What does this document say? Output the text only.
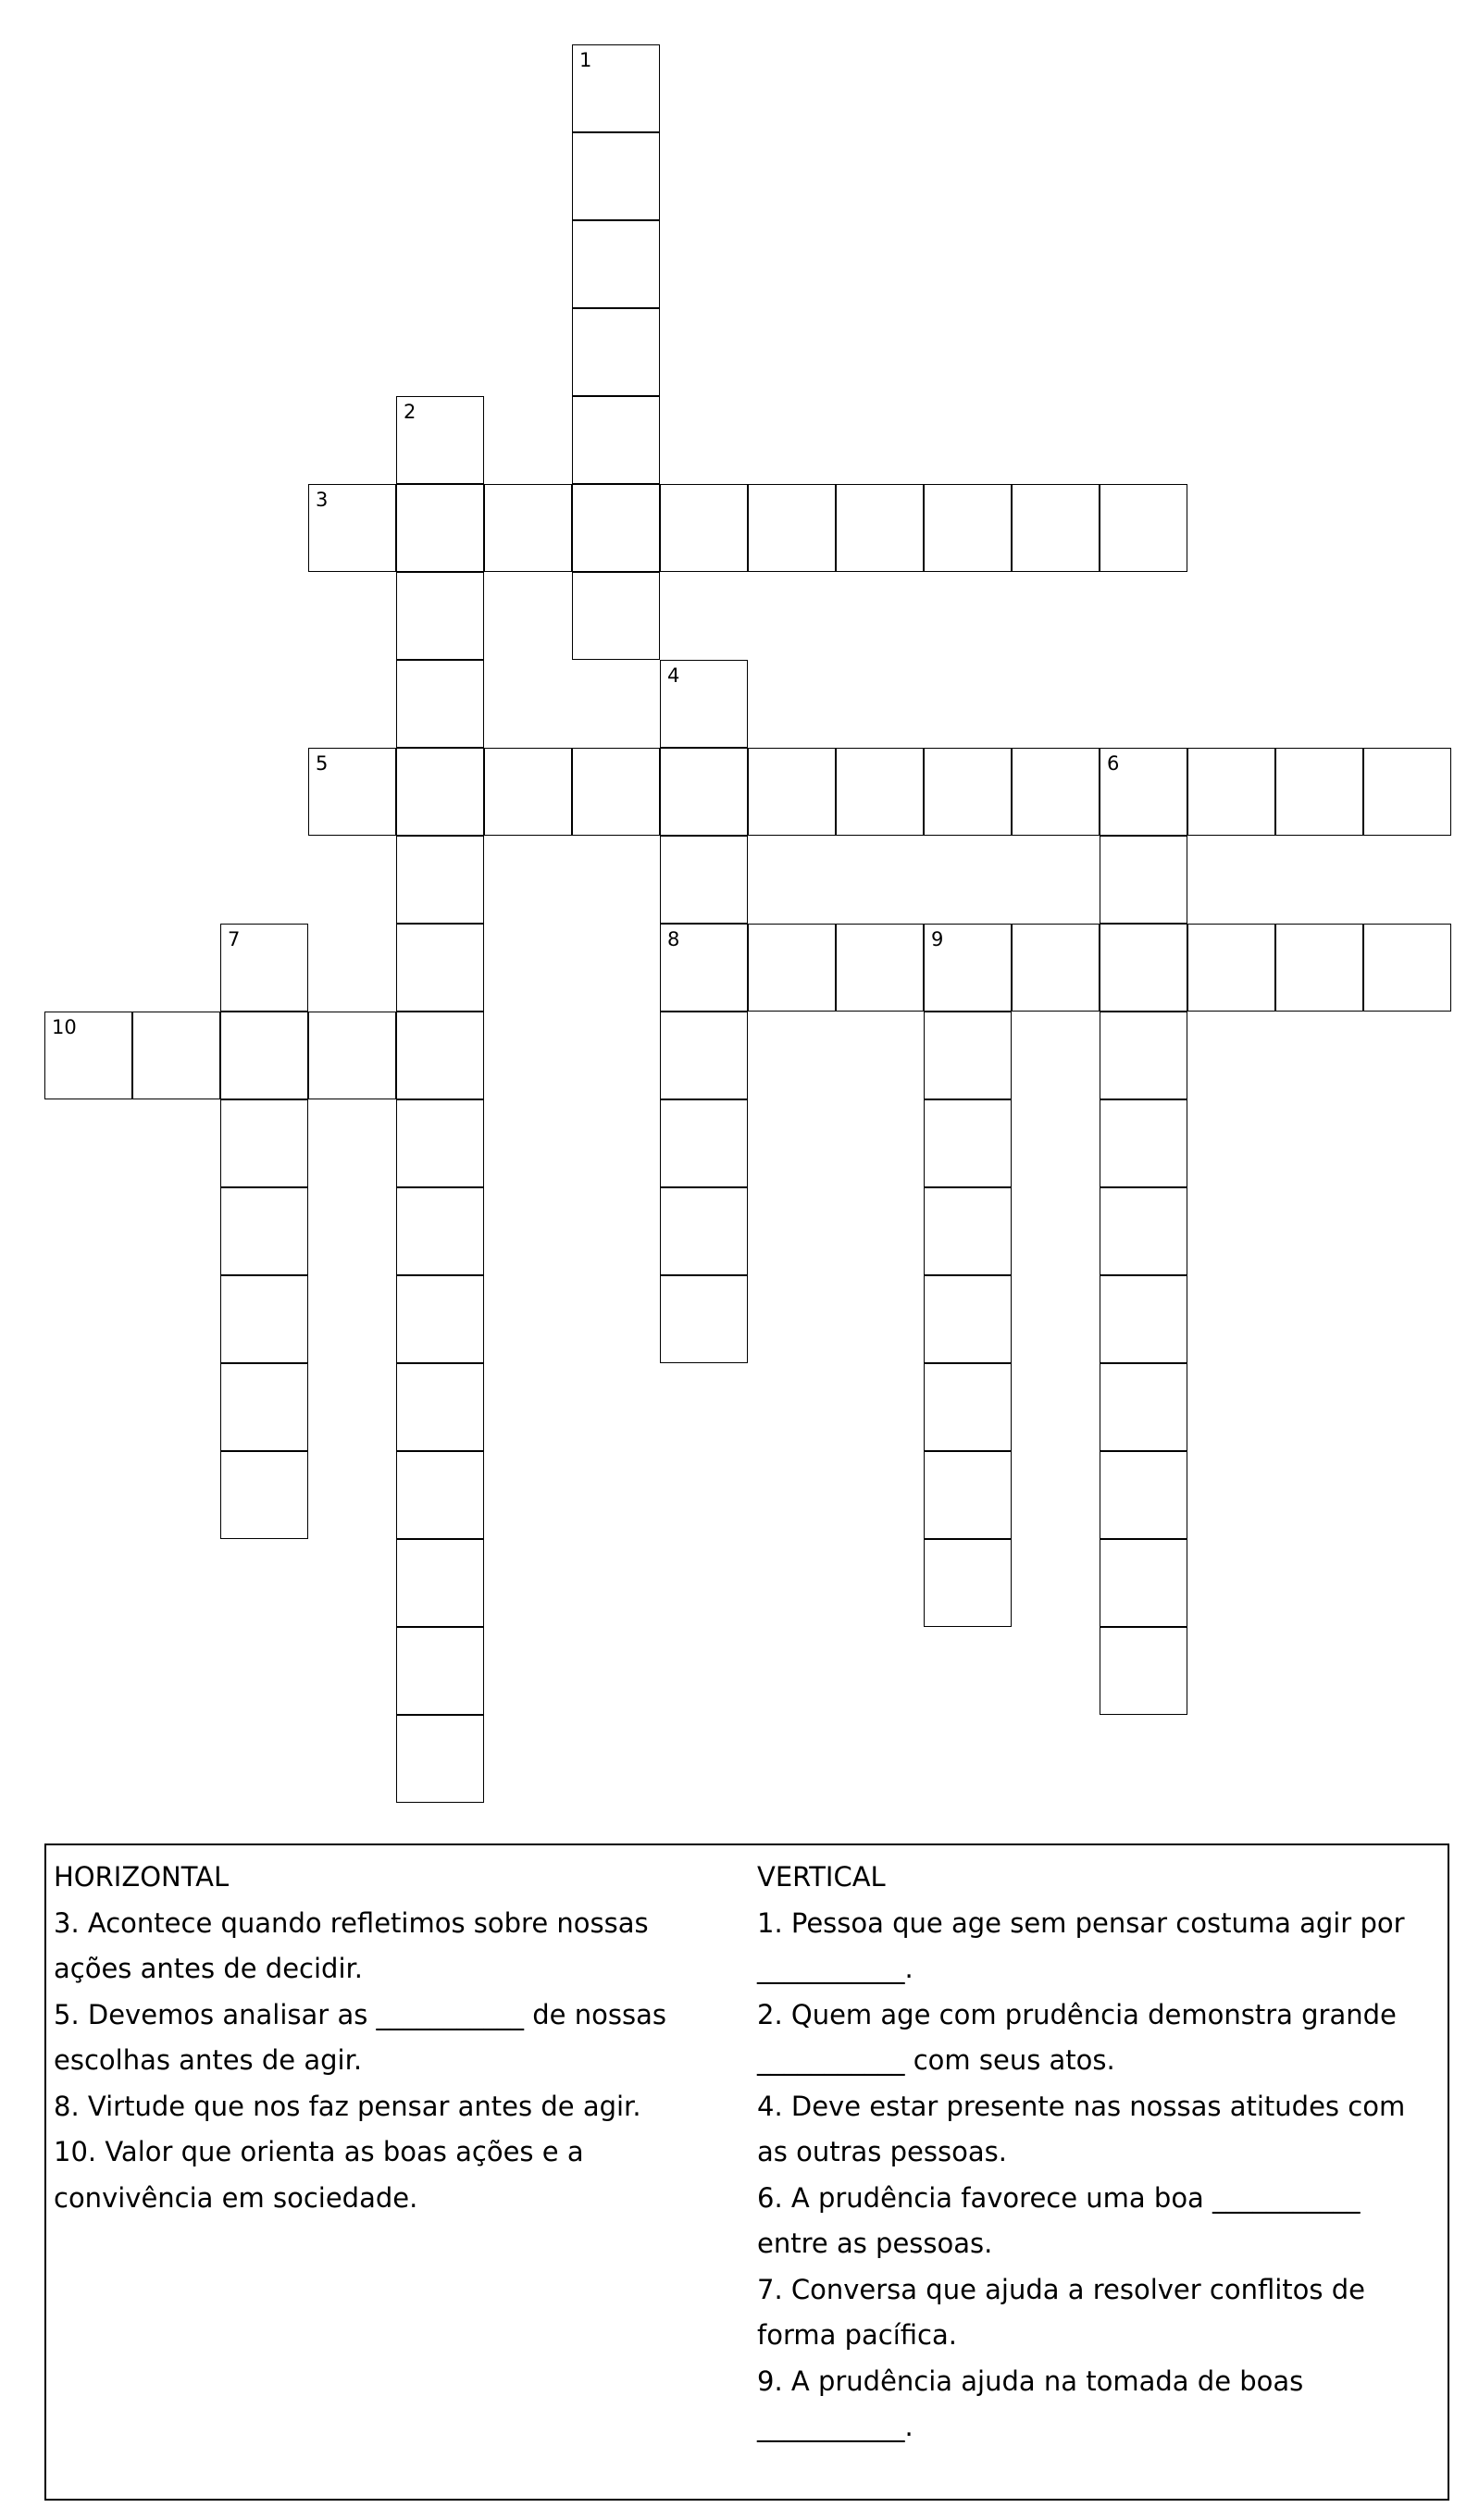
1
2
3
4
8
5	6
7	9
10
HORIZONTAL
3. Acontece quando refletimos sobre nossas ações antes de decidir.
5. Devemos analisar as ___________ de nossas escolhas antes de agir.
8. Virtude que nos faz pensar antes de agir.
10. Valor que orienta as boas ações e a convivência em sociedade.
VERTICAL
1. Pessoa que age sem pensar costuma agir por ___________.
2. Quem age com prudência demonstra grande ___________ com seus atos.
4. Deve estar presente nas nossas atitudes com as outras pessoas.
6. A prudência favorece uma boa ___________ entre as pessoas.
7. Conversa que ajuda a resolver conflitos de forma pacífica.
9. A prudência ajuda na tomada de boas ___________.
